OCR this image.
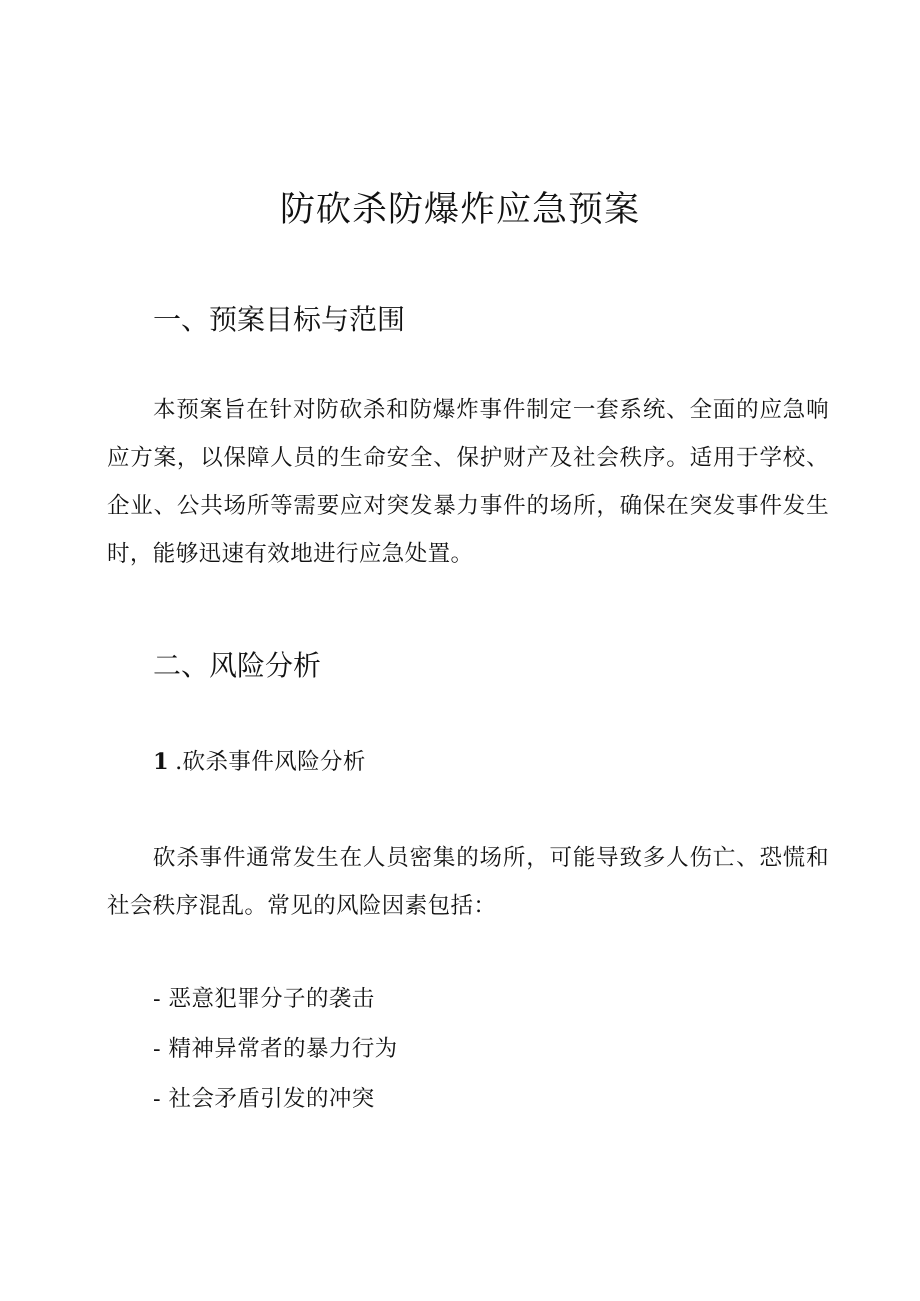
防砍杀防爆炸应急预案
一、预案目标与范围

本预案旨在针对防砍杀和防爆炸事件制定一套系统、全面的应急响应方案，以保障人员的生命安全、保护财产及社会秩序。适用于学校、企业、公共场所等需要应对突发暴力事件的场所，确保在突发事件发生时，能够迅速有效地进行应急处置。

二、风险分析

1 .砍杀事件风险分析

砍杀事件通常发生在人员密集的场所，可能导致多人伤亡、恐慌和社会秩序混乱。常见的风险因素包括：

- 恶意犯罪分子的袭击
- 精神异常者的暴力行为
- 社会矛盾引发的冲突
